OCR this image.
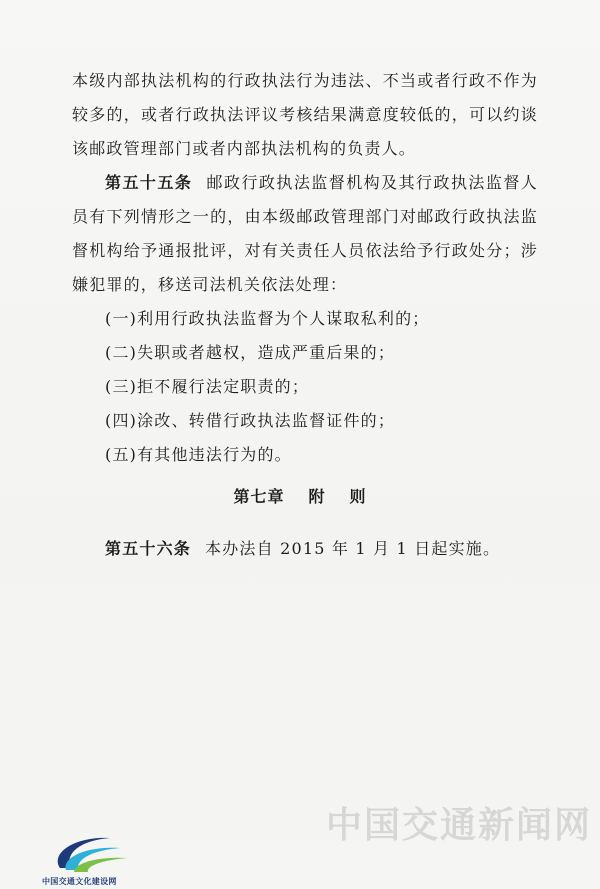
本级内部执法机构的行政执法行为违法、不当或者行政不作为较多的，或者行政执法评议考核结果满意度较低的，可以约谈该邮政管理部门或者内部执法机构的负责人。

第五十五条 邮政行政执法监督机构及其行政执法监督人员有下列情形之一的，由本级邮政管理部门对邮政行政执法监督机构给予通报批评，对有关责任人员依法给予行政处分；涉嫌犯罪的，移送司法机关依法处理：

(一)利用行政执法监督为个人谋取私利的；

(二)失职或者越权，造成严重后果的；

(三)拒不履行法定职责的；

(四)涂改、转借行政执法监督证件的；

(五)有其他违法行为的。

第七章 附 则

第五十六条 本办法自 2015 年 1 月 1 日起实施。

中国交通新闻网
中国交通文化建设网
